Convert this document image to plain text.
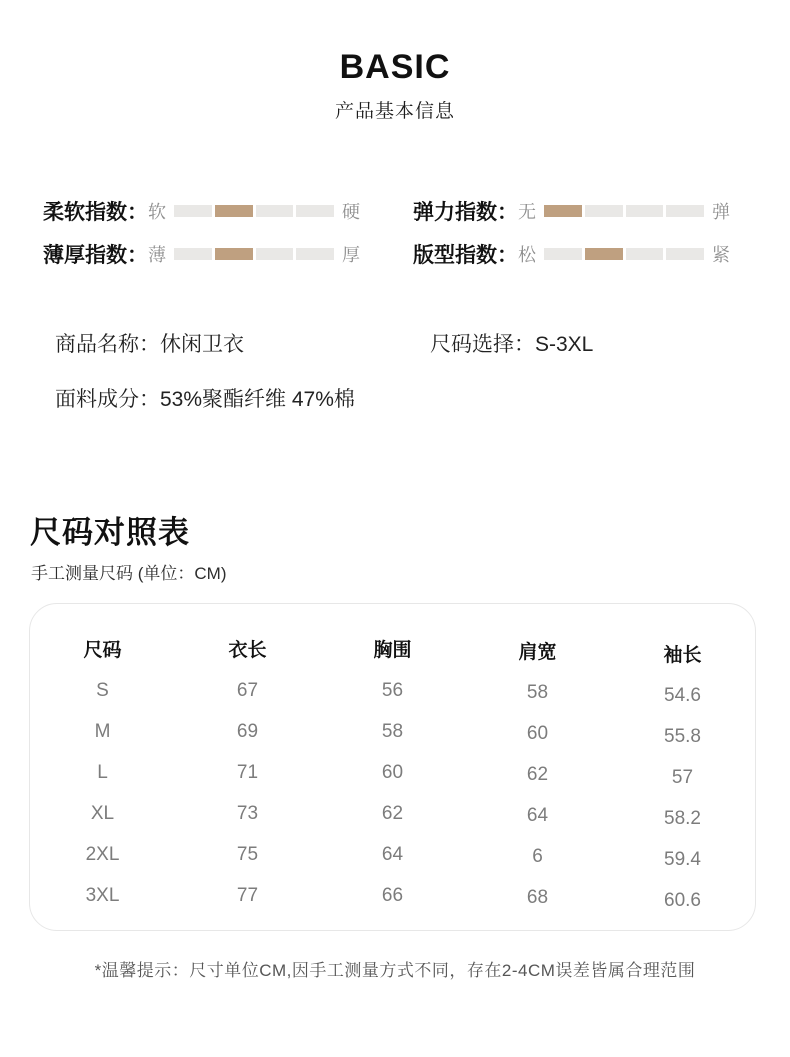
BASIC
产品基本信息
柔软指数： 软	硬	弹力指数： 无	弹
薄厚指数： 薄	厚	版型指数： 松	紧
商品名称：休闲卫衣	尺码选择：S-3XL
面料成分：53%聚酯纤维 47%棉
尺码对照表
手工测量尺码 (单位：CM)
尺码	衣长	胸围	肩宽	袖长
S	67	56	58	54.6
M	69	58	60	55.8
L	71	60	62	57
XL	73	62	64	58.2
2XL	75	64	6	59.4
3XL	77	66	68	60.6
*温馨提示：尺寸单位CM,因手工测量方式不同，存在2-4CM误差皆属合理范围
